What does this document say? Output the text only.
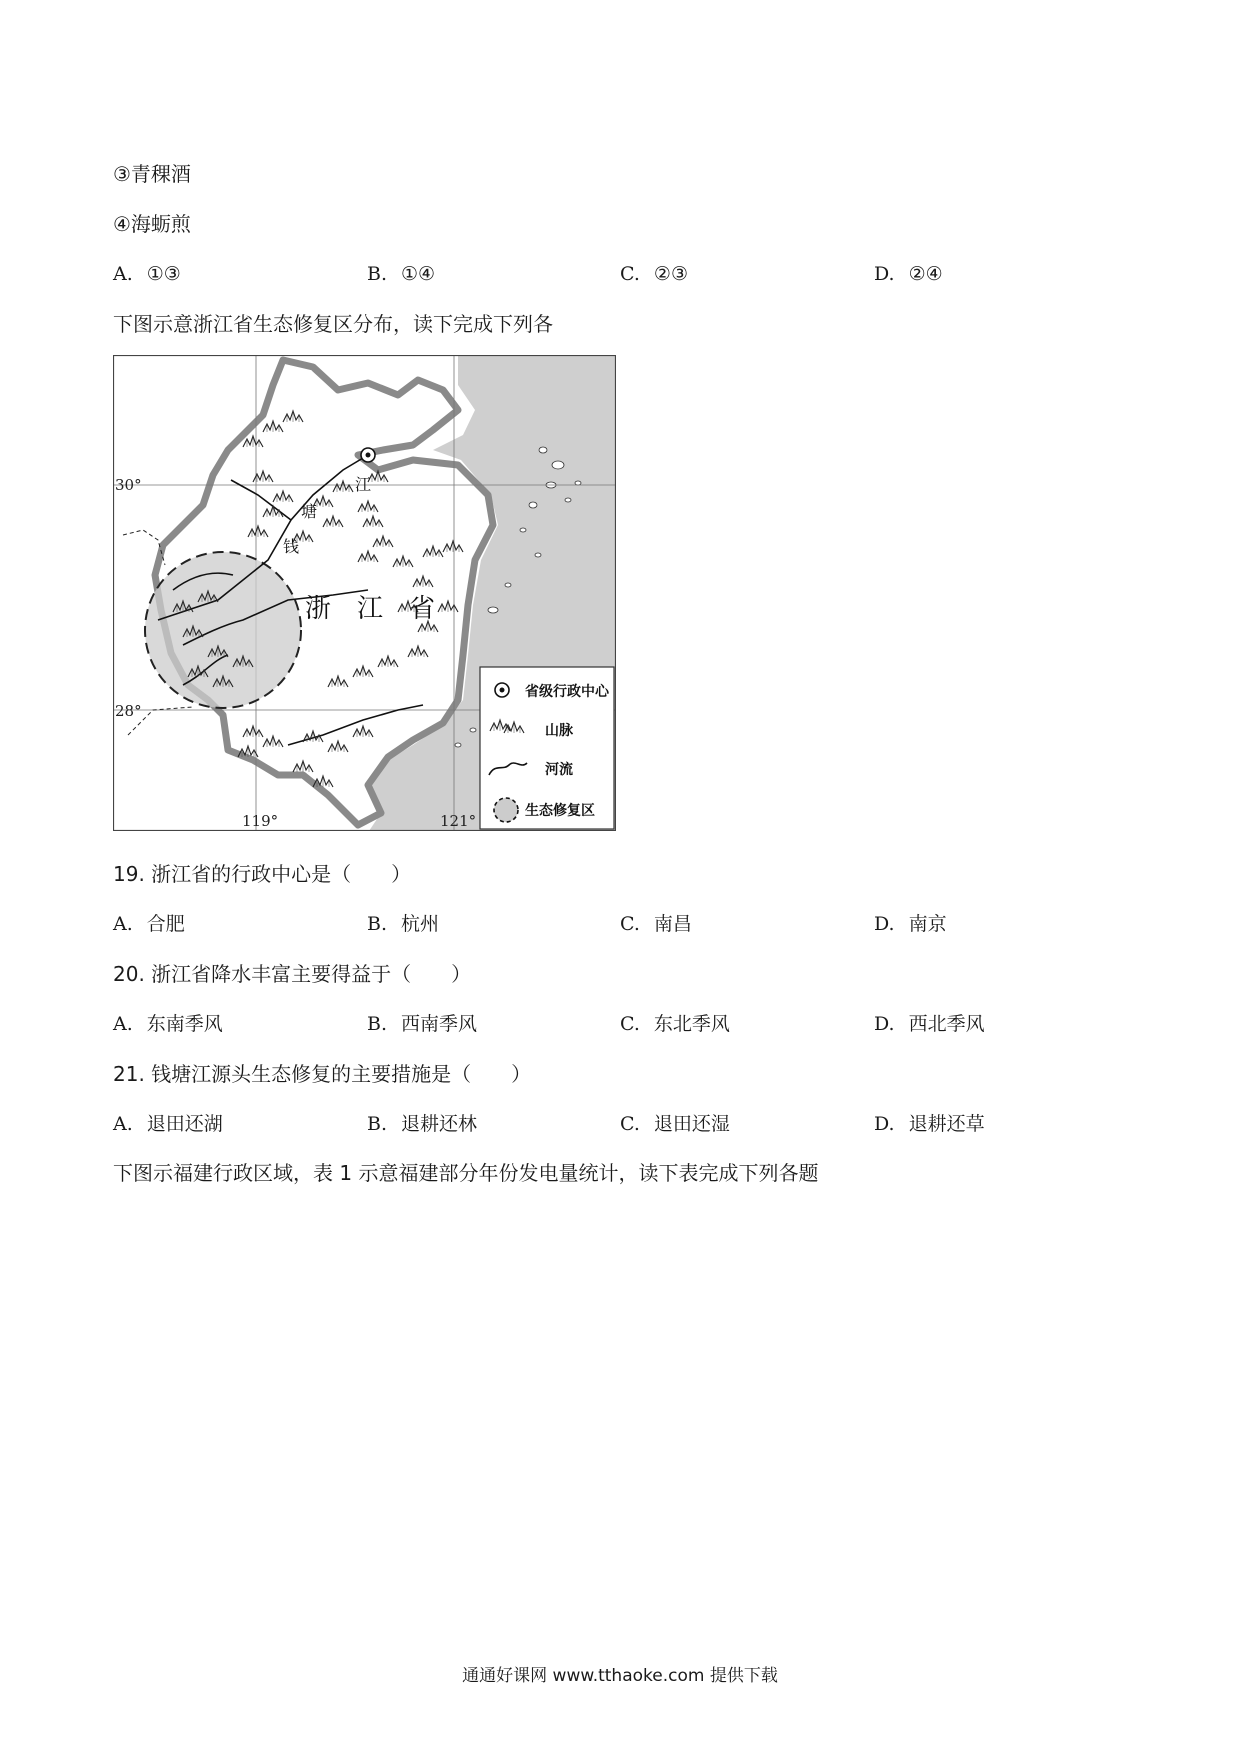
③青稞酒
④海蛎煎
A. ①③	B. ①④	C. ②③	D. ②④
下图示意浙江省生态修复区分布，读下完成下列各
江
塘
钱
浙　江　省
30°
28°
119°	121°
省级行政中心
山脉
河流
生态修复区
19. 浙江省的行政中心是（　　）
A. 合肥	B. 杭州	C. 南昌	D. 南京
20. 浙江省降水丰富主要得益于（　　）
A. 东南季风	B. 西南季风	C. 东北季风	D. 西北季风
21. 钱塘江源头生态修复的主要措施是（　　）
A. 退田还湖	B. 退耕还林	C. 退田还湿	D. 退耕还草
下图示福建行政区域，表 1 示意福建部分年份发电量统计，读下表完成下列各题
通通好课网 www.tthaoke.com 提供下载
